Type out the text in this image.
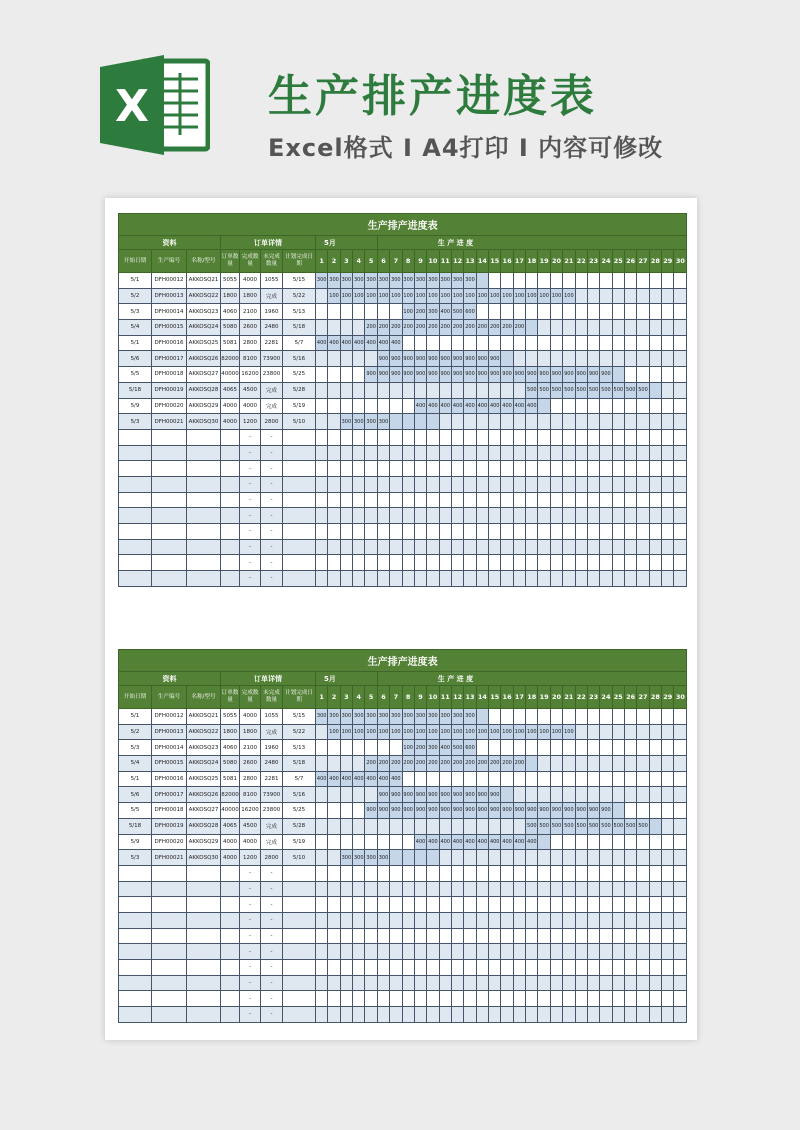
X	生产排产进度表
Excel格式 I A4打印 I 内容可修改
生产排产进度表																																				
资料			订单详情				5月					生 产 进 度																								
开始日期	生产编号	名称/型号	订单数量	完成数量	未完成数量	计划完成日期	1	2	3	4	5	6	7	8	9	10	11	12	13	14	15	16	17	18	19	20	21	22	23	24	25	26	27	28	29	30
5/1	DFH00012	AKKOSQ21	5055	4000	1055	5/15	300	300	300	300	300	300	300	300	300	300	300	300	300																	
5/2	DFH00013	AKKOSQ22	1800	1800	完成	5/22		100	100	100	100	100	100	100	100	100	100	100	100	100	100	100	100	100	100	100	100									
5/3	DFH00014	AKKOSQ23	4060	2100	1960	5/13								100	200	300	400	500	600																	
5/4	DFH00015	AKKOSQ24	5080	2600	2480	5/18					200	200	200	200	200	200	200	200	200	200	200	200	200													
5/1	DFH00016	AKKOSQ25	5081	2800	2281	5/7	400	400	400	400	400	400	400																							
5/6	DFH00017	AKKOSQ26	82000	8100	73900	5/16						900	900	900	900	900	900	900	900	900	900															
5/5	DFH00018	AKKOSQ27	40000	16200	23800	5/25					900	900	900	900	900	900	900	900	900	900	900	900	900	900	900	900	900	900	900	900						
5/18	DFH00019	AKKOSQ28	4065	4500	完成	5/28																		500	500	500	500	500	500	500	500	500	500			
5/9	DFH00020	AKKOSQ29	4000	4000	完成	5/19									400	400	400	400	400	400	400	400	400	400												
5/3	DFH00021	AKKOSQ30	4000	1200	2800	5/10			300	300	300	300																								
				-	-																															
				-	-																															
				-	-																															
				-	-																															
				-	-																															
				-	-																															
				-	-																															
				-	-																															
				-	-																															
				-	-																															
生产排产进度表																																				
资料			订单详情				5月					生 产 进 度																								
开始日期	生产编号	名称/型号	订单数量	完成数量	未完成数量	计划完成日期	1	2	3	4	5	6	7	8	9	10	11	12	13	14	15	16	17	18	19	20	21	22	23	24	25	26	27	28	29	30
5/1	DFH00012	AKKOSQ21	5055	4000	1055	5/15	300	300	300	300	300	300	300	300	300	300	300	300	300																	
5/2	DFH00013	AKKOSQ22	1800	1800	完成	5/22		100	100	100	100	100	100	100	100	100	100	100	100	100	100	100	100	100	100	100	100									
5/3	DFH00014	AKKOSQ23	4060	2100	1960	5/13								100	200	300	400	500	600																	
5/4	DFH00015	AKKOSQ24	5080	2600	2480	5/18					200	200	200	200	200	200	200	200	200	200	200	200	200													
5/1	DFH00016	AKKOSQ25	5081	2800	2281	5/7	400	400	400	400	400	400	400																							
5/6	DFH00017	AKKOSQ26	82000	8100	73900	5/16						900	900	900	900	900	900	900	900	900	900															
5/5	DFH00018	AKKOSQ27	40000	16200	23800	5/25					900	900	900	900	900	900	900	900	900	900	900	900	900	900	900	900	900	900	900	900						
5/18	DFH00019	AKKOSQ28	4065	4500	完成	5/28																		500	500	500	500	500	500	500	500	500	500			
5/9	DFH00020	AKKOSQ29	4000	4000	完成	5/19									400	400	400	400	400	400	400	400	400	400												
5/3	DFH00021	AKKOSQ30	4000	1200	2800	5/10			300	300	300	300																								
				-	-																															
				-	-																															
				-	-																															
				-	-																															
				-	-																															
				-	-																															
				-	-																															
				-	-																															
				-	-																															
				-	-																															
